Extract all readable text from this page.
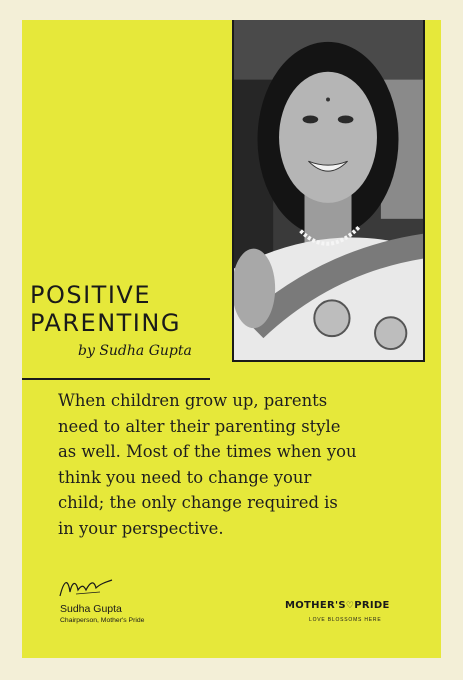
POSITIVE
PARENTING
by Sudha Gupta
When children grow up, parents
need to alter their parenting style
as well. Most of the times when you
think you need to change your
child; the only change required is
in your perspective.
Sudha Gupta
Chairperson, Mother's Pride
MOTHER'S♡PRIDE
LOVE BLOSSOMS HERE
